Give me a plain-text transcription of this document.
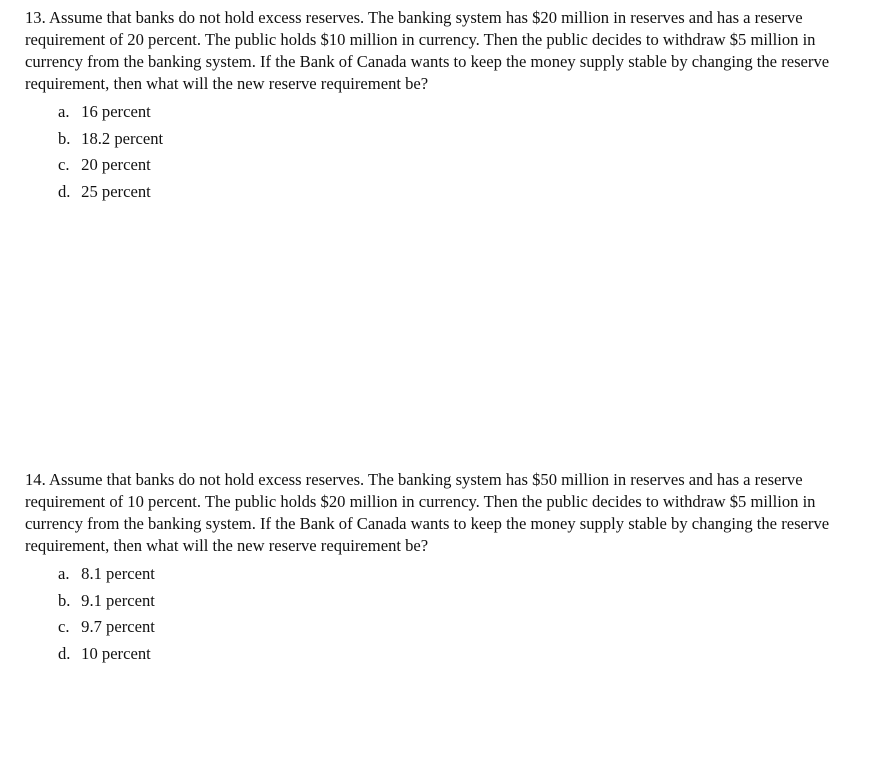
13. Assume that banks do not hold excess reserves. The banking system has $20 million in reserves and has a reserve requirement of 20 percent. The public holds $10 million in currency. Then the public decides to withdraw $5 million in currency from the banking system. If the Bank of Canada wants to keep the money supply stable by changing the reserve requirement, then what will the new reserve requirement be?

a. 16 percent
b. 18.2 percent
c. 20 percent
d. 25 percent

14. Assume that banks do not hold excess reserves. The banking system has $50 million in reserves and has a reserve requirement of 10 percent. The public holds $20 million in currency. Then the public decides to withdraw $5 million in currency from the banking system. If the Bank of Canada wants to keep the money supply stable by changing the reserve requirement, then what will the new reserve requirement be?

a. 8.1 percent
b. 9.1 percent
c. 9.7 percent
d. 10 percent
